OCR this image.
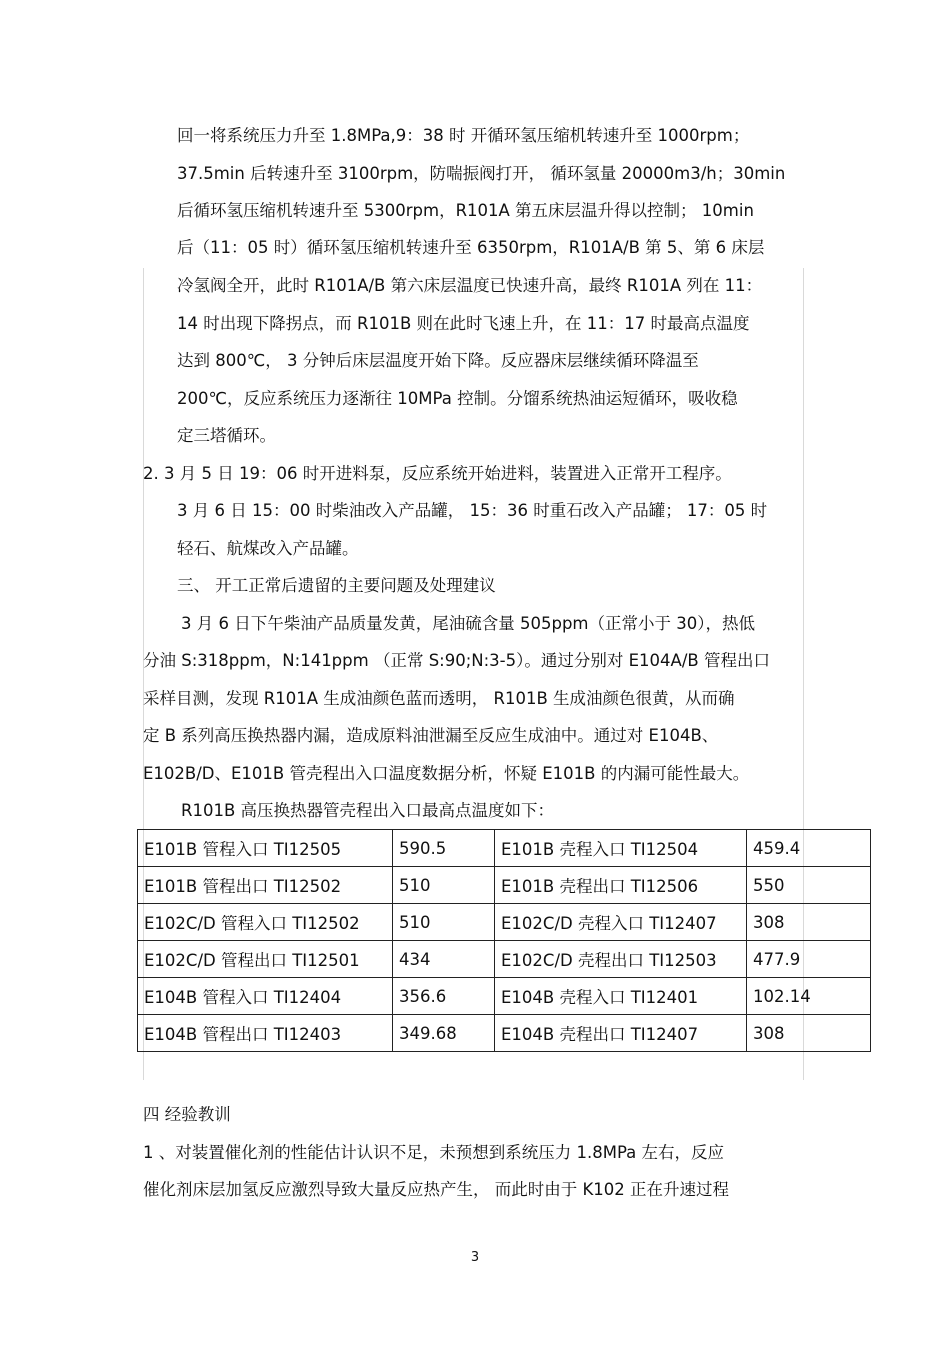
回一将系统压力升至 1.8MPa,9：38 时 开循环氢压缩机转速升至 1000rpm；
37.5min 后转速升至 3100rpm，防喘振阀打开， 循环氢量 20000m3/h；30min
后循环氢压缩机转速升至 5300rpm，R101A 第五床层温升得以控制； 10min
后（11：05 时）循环氢压缩机转速升至 6350rpm，R101A/B 第 5、第 6 床层
冷氢阀全开，此时 R101A/B 第六床层温度已快速升高，最终 R101A 列在 11：
14 时出现下降拐点，而 R101B 则在此时飞速上升，在 11：17 时最高点温度
达到 800℃， 3 分钟后床层温度开始下降。反应器床层继续循环降温至
200℃，反应系统压力逐渐往 10MPa 控制。分馏系统热油运短循环，吸收稳
定三塔循环。
2. 3 月 5 日 19：06 时开进料泵，反应系统开始进料，装置进入正常开工程序。
3 月 6 日 15：00 时柴油改入产品罐， 15：36 时重石改入产品罐； 17：05 时
轻石、航煤改入产品罐。
三、 开工正常后遗留的主要问题及处理建议
3 月 6 日下午柴油产品质量发黄，尾油硫含量 505ppm（正常小于 30），热低
分油 S:318ppm，N:141ppm （正常 S:90;N:3-5）。通过分别对 E104A/B 管程出口
采样目测，发现 R101A 生成油颜色蓝而透明， R101B 生成油颜色很黄，从而确
定 B 系列高压换热器内漏，造成原料油泄漏至反应生成油中。通过对 E104B、
E102B/D、E101B 管壳程出入口温度数据分析，怀疑 E101B 的内漏可能性最大。
R101B 高压换热器管壳程出入口最高点温度如下：
E101B 管程入口 TI12505	590.5	E101B 壳程入口 TI12504	459.4
E101B 管程出口 TI12502	510	E101B 壳程出口 TI12506	550
E102C/D 管程入口 TI12502	510	E102C/D 壳程入口 TI12407	308
E102C/D 管程出口 TI12501	434	E102C/D 壳程出口 TI12503	477.9
E104B 管程入口 TI12404	356.6	E104B 壳程入口 TI12401	102.14
E104B 管程出口 TI12403	349.68	E104B 壳程出口 TI12407	308
四 经验教训
1 、对装置催化剂的性能估计认识不足，未预想到系统压力 1.8MPa 左右，反应
催化剂床层加氢反应激烈导致大量反应热产生， 而此时由于 K102 正在升速过程
3
